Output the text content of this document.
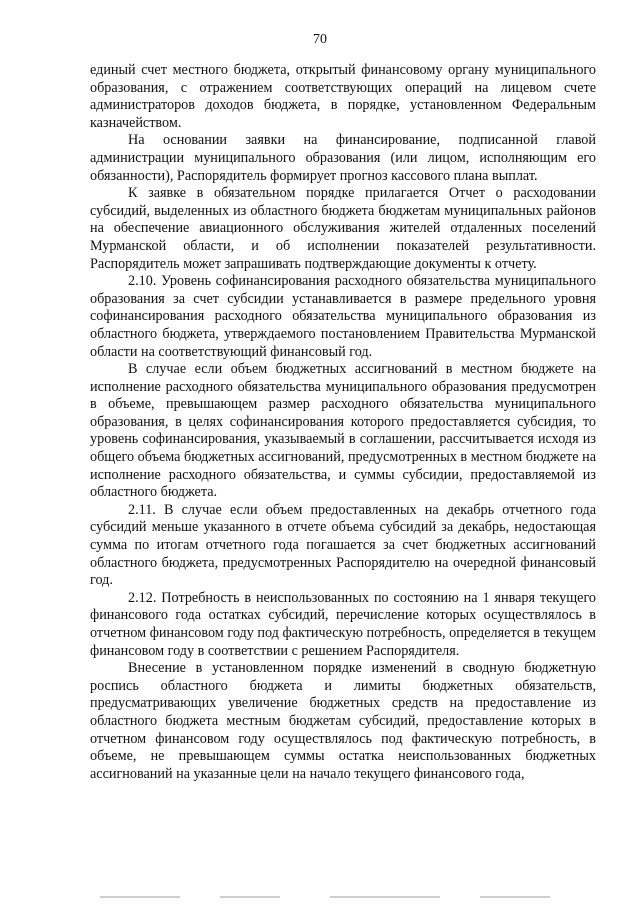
70

единый счет местного бюджета, открытый финансовому органу муниципального образования, с отражением соответствующих операций на лицевом счете администраторов доходов бюджета, в порядке, установленном Федеральным казначейством.

На основании заявки на финансирование, подписанной главой администрации муниципального образования (или лицом, исполняющим его обязанности), Распорядитель формирует прогноз кассового плана выплат.

К заявке в обязательном порядке прилагается Отчет о расходовании субсидий, выделенных из областного бюджета бюджетам муниципальных районов на обеспечение авиационного обслуживания жителей отдаленных поселений Мурманской области, и об исполнении показателей результативности. Распорядитель может запрашивать подтверждающие документы к отчету.

2.10. Уровень софинансирования расходного обязательства муниципального образования за счет субсидии устанавливается в размере предельного уровня софинансирования расходного обязательства муниципального образования из областного бюджета, утверждаемого постановлением Правительства Мурманской области на соответствующий финансовый год.

В случае если объем бюджетных ассигнований в местном бюджете на исполнение расходного обязательства муниципального образования предусмотрен в объеме, превышающем размер расходного обязательства муниципального образования, в целях софинансирования которого предоставляется субсидия, то уровень софинансирования, указываемый в соглашении, рассчитывается исходя из общего объема бюджетных ассигнований, предусмотренных в местном бюджете на исполнение расходного обязательства, и суммы субсидии, предоставляемой из областного бюджета.

2.11. В случае если объем предоставленных на декабрь отчетного года субсидий меньше указанного в отчете объема субсидий за декабрь, недостающая сумма по итогам отчетного года погашается за счет бюджетных ассигнований областного бюджета, предусмотренных Распорядителю на очередной финансовый год.

2.12. Потребность в неиспользованных по состоянию на 1 января текущего финансового года остатках субсидий, перечисление которых осуществлялось в отчетном финансовом году под фактическую потребность, определяется в текущем финансовом году в соответствии с решением Распорядителя.

Внесение в установленном порядке изменений в сводную бюджетную роспись областного бюджета и лимиты бюджетных обязательств, предусматривающих увеличение бюджетных средств на предоставление из областного бюджета местным бюджетам субсидий, предоставление которых в отчетном финансовом году осуществлялось под фактическую потребность, в объеме, не превышающем суммы остатка неиспользованных бюджетных ассигнований на указанные цели на начало текущего финансового года,
